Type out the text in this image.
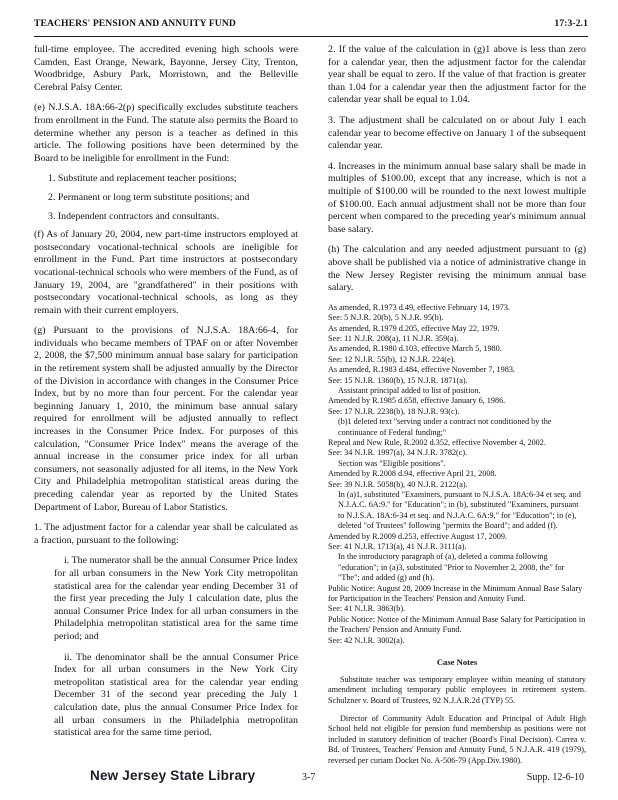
TEACHERS' PENSION AND ANNUITY FUND	17:3-2.1

full-time employee. The accredited evening high schools were Camden, East Orange, Newark, Bayonne, Jersey City, Trenton, Woodbridge, Asbury Park, Morristown, and the Belleville Cerebral Palsy Center.

(e) N.J.S.A. 18A:66-2(p) specifically excludes substitute teachers from enrollment in the Fund. The statute also permits the Board to determine whether any person is a teacher as defined in this article. The following positions have been determined by the Board to be ineligible for enrollment in the Fund:

1. Substitute and replacement teacher positions;

2. Permanent or long term substitute positions; and

3. Independent contractors and consultants.

(f) As of January 20, 2004, new part-time instructors employed at postsecondary vocational-technical schools are ineligible for enrollment in the Fund. Part time instructors at postsecondary vocational-technical schools who were members of the Fund, as of January 19, 2004, are "grandfathered" in their positions with postsecondary vocational-technical schools, as long as they remain with their current employers.

(g) Pursuant to the provisions of N.J.S.A. 18A:66-4, for individuals who became members of TPAF on or after November 2, 2008, the $7,500 minimum annual base salary for participation in the retirement system shall be adjusted annually by the Director of the Division in accordance with changes in the Consumer Price Index, but by no more than four percent. For the calendar year beginning January 1, 2010, the minimum base annual salary required for enrollment will be adjusted annually to reflect increases in the Consumer Price Index. For purposes of this calculation, "Consumer Price Index" means the average of the annual increase in the consumer price index for all urban consumers, not seasonally adjusted for all items, in the New York City and Philadelphia metropolitan statistical areas during the preceding calendar year as reported by the United States Department of Labor, Bureau of Labor Statistics.

1. The adjustment factor for a calendar year shall be calculated as a fraction, pursuant to the following:

i. The numerator shall be the annual Consumer Price Index for all urban consumers in the New York City metropolitan statistical area for the calendar year ending December 31 of the first year preceding the July 1 calculation date, plus the annual Consumer Price Index for all urban consumers in the Philadelphia metropolitan statistical area for the same time period; and

ii. The denominator shall be the annual Consumer Price Index for all urban consumers in the New York City metropolitan statistical area for the calendar year ending December 31 of the second year preceding the July 1 calculation date, plus the annual Consumer Price Index for all urban consumers in the Philadelphia metropolitan statistical area for the same time period.

2. If the value of the calculation in (g)1 above is less than zero for a calendar year, then the adjustment factor for the calendar year shall be equal to zero. If the value of that fraction is greater than 1.04 for a calendar year then the adjustment factor for the calendar year shall be equal to 1.04.

3. The adjustment shall be calculated on or about July 1 each calendar year to become effective on January 1 of the subsequent calendar year.

4. Increases in the minimum annual base salary shall be made in multiples of $100.00, except that any increase, which is not a multiple of $100.00 will be rounded to the next lowest multiple of $100.00. Each annual adjustment shall not be more than four percent when compared to the preceding year's minimum annual base salary.

(h) The calculation and any needed adjustment pursuant to (g) above shall be published via a notice of administrative change in the New Jersey Register revising the minimum annual base salary.

As amended, R.1973 d.49, effective February 14, 1973.

See: 5 N.J.R. 20(b), 5 N.J.R. 95(b).

As amended, R.1979 d.205, effective May 22, 1979.

See: 11 N.J.R. 208(a), 11 N.J.R. 359(a).

As amended, R.1980 d.103, effective March 5, 1980.

See: 12 N.J.R. 55(b), 12 N.J.R. 224(e).

As amended, R.1983 d.484, effective November 7, 1983.

See: 15 N.J.R. 1360(b), 15 N.J.R. 1871(a).

Assistant principal added to list of position.

Amended by R.1985 d.658, effective January 6, 1986.

See: 17 N.J.R. 2238(b), 18 N.J.R. 93(c).

(b)1 deleted text "serving under a contract not conditioned by the continuance of Federal funding;"

Repeal and New Rule, R.2002 d.352, effective November 4, 2002.

See: 34 N.J.R. 1997(a), 34 N.J.R. 3782(c).

Section was "Eligible positions".

Amended by R.2008 d.94, effective April 21, 2008.

See: 39 N.J.R. 5058(b), 40 N.J.R. 2122(a).

In (a)1, substituted "Examiners, pursuant to N.J.S.A. 18A:6-34 et seq. and N.J.A.C. 6A:9." for "Education"; in (b), substituted "Examiners, pursuant to N.J.S.A. 18A:6-34 et seq. and N.J.A.C. 6A:9," for "Education"; in (e), deleted "of Trustees" following "permits the Board"; and added (f).

Amended by R.2009 d.253, effective August 17, 2009.

See: 41 N.J.R. 1713(a), 41 N.J.R. 3111(a).

In the introductory paragraph of (a), deleted a comma following "education"; in (a)3, substituted "Prior to November 2, 2008, the" for "The"; and added (g) and (h).

Public Notice: August 28, 2009 Increase in the Minimum Annual Base Salary for Participation in the Teachers' Pension and Annuity Fund.

See: 41 N.J.R. 3863(b).

Public Notice: Notice of the Minimum Annual Base Salary for Participation in the Teachers' Pension and Annuity Fund.

See: 42 N.J.R. 3002(a).

Case Notes

Substitute teacher was temporary employee within meaning of statutory amendment including temporary public employees in retirement system. Schulzner v. Board of Trustees, 92 N.J.A.R.2d (TYP) 55.

Director of Community Adult Education and Principal of Adult High School held not eligible for pension fund membership as positions were not included in statutory definition of teacher (Board's Final Decision). Carrea v. Bd. of Trustees, Teachers' Pension and Annuity Fund, 5 N.J.A.R. 419 (1979), reversed per curiam Docket No. A-506-79 (App.Div.1980).

New Jersey State Library	3-7	Supp. 12-6-10
